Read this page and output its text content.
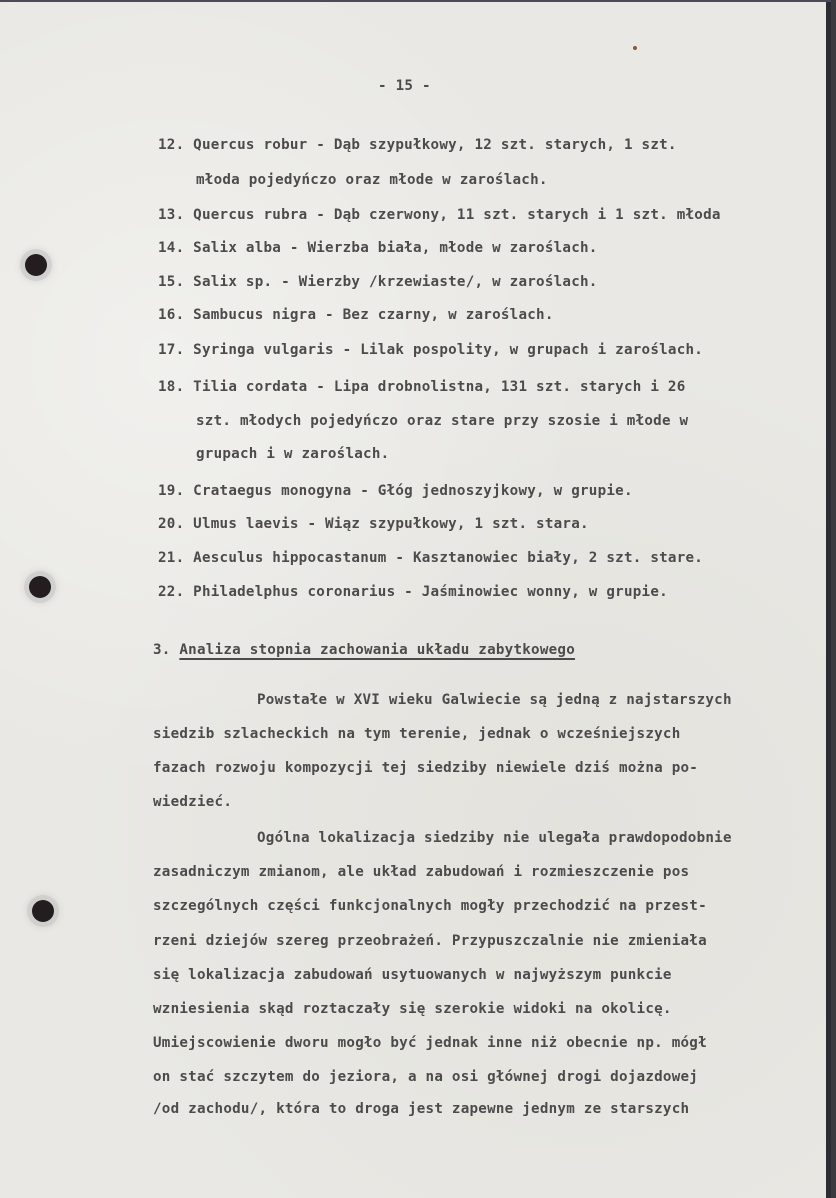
- 15 -
12. Quercus robur - Dąb szypułkowy, 12 szt. starych, 1 szt.
młoda pojedyńczo oraz młode w zaroślach.
13. Quercus rubra - Dąb czerwony, 11 szt. starych i 1 szt. młoda
14. Salix alba - Wierzba biała, młode w zaroślach.
15. Salix sp. - Wierzby /krzewiaste/, w zaroślach.
16. Sambucus nigra - Bez czarny, w zaroślach.
17. Syringa vulgaris - Lilak pospolity, w grupach i zaroślach.
18. Tilia cordata - Lipa drobnolistna, 131 szt. starych i 26
szt. młodych pojedyńczo oraz stare przy szosie i młode w
grupach i w zaroślach.
19. Crataegus monogyna - Głóg jednoszyjkowy, w grupie.
20. Ulmus laevis - Wiąz szypułkowy, 1 szt. stara.
21. Aesculus hippocastanum - Kasztanowiec biały, 2 szt. stare.
22. Philadelphus coronarius - Jaśminowiec wonny, w grupie.
3. Analiza stopnia zachowania układu zabytkowego
Powstałe w XVI wieku Galwiecie są jedną z najstarszych
siedzib szlacheckich na tym terenie, jednak o wcześniejszych
fazach rozwoju kompozycji tej siedziby niewiele dziś można po-
wiedzieć.
Ogólna lokalizacja siedziby nie ulegała prawdopodobnie
zasadniczym zmianom, ale układ zabudowań i rozmieszczenie pos
szczególnych części funkcjonalnych mogły przechodzić na przest-
rzeni dziejów szereg przeobrażeń. Przypuszczalnie nie zmieniała
się lokalizacja zabudowań usytuowanych w najwyższym punkcie
wzniesienia skąd roztaczały się szerokie widoki na okolicę.
Umiejscowienie dworu mogło być jednak inne niż obecnie np. mógł
on stać szczytem do jeziora, a na osi głównej drogi dojazdowej
/od zachodu/, która to droga jest zapewne jednym ze starszych
